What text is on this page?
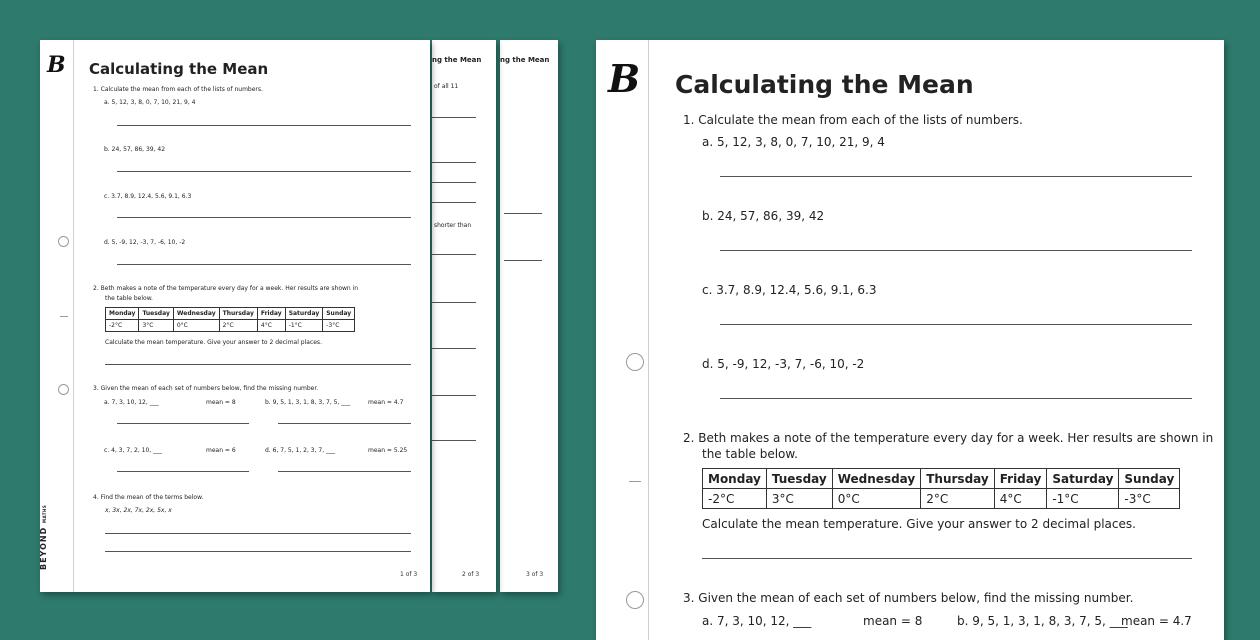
ng the Mean
3 of 3
ng the Mean
of all 11
shorter than
2 of 3
B Calculating the Mean
1. Calculate the mean from each of the lists of numbers.
a. 5, 12, 3, 8, 0, 7, 10, 21, 9, 4
b. 24, 57, 86, 39, 42
c. 3.7, 8.9, 12.4, 5.6, 9.1, 6.3
d. 5, -9, 12, -3, 7, -6, 10, -2
2. Beth makes a note of the temperature every day for a week. Her results are shown in
the table below.
Monday	Tuesday	Wednesday	Thursday	Friday	Saturday	Sunday
-2°C	3°C	0°C	2°C	4°C	-1°C	-3°C
Calculate the mean temperature. Give your answer to 2 decimal places.
3. Given the mean of each set of numbers below, find the missing number.
a. 7, 3, 10, 12, ___	mean = 8	b. 9, 5, 1, 3, 1, 8, 3, 7, 5, ___	mean = 4.7
c. 4, 3, 7, 2, 10, ___	mean = 6	d. 6, 7, 5, 1, 2, 3, 7, ___	mean = 5.25
4. Find the mean of the terms below.
x, 3x, 2x, 7x, 2x, 5x, x
BEYOND MATHS
1 of 3
B Calculating the Mean
1. Calculate the mean from each of the lists of numbers.
a. 5, 12, 3, 8, 0, 7, 10, 21, 9, 4
b. 24, 57, 86, 39, 42
c. 3.7, 8.9, 12.4, 5.6, 9.1, 6.3
d. 5, -9, 12, -3, 7, -6, 10, -2
2. Beth makes a note of the temperature every day for a week. Her results are shown in
the table below.
Monday	Tuesday	Wednesday	Thursday	Friday	Saturday	Sunday
-2°C	3°C	0°C	2°C	4°C	-1°C	-3°C
Calculate the mean temperature. Give your answer to 2 decimal places.
3. Given the mean of each set of numbers below, find the missing number.
a. 7, 3, 10, 12, ___	mean = 8	b. 9, 5, 1, 3, 1, 8, 3, 7, 5, ___
mean = 4.7
